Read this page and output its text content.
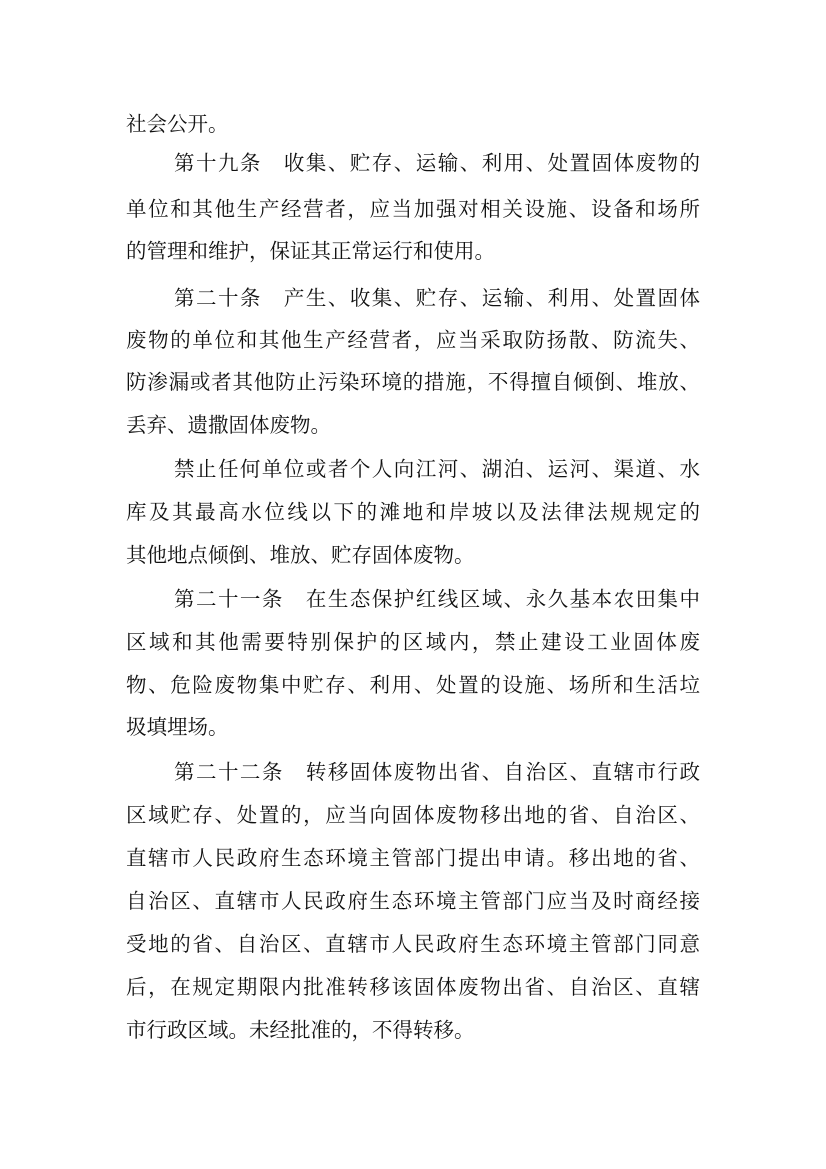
社会公开。
第十九条　收集、贮存、运输、利用、处置固体废物的
单位和其他生产经营者，应当加强对相关设施、设备和场所
的管理和维护，保证其正常运行和使用。
第二十条　产生、收集、贮存、运输、利用、处置固体
废物的单位和其他生产经营者，应当采取防扬散、防流失、
防渗漏或者其他防止污染环境的措施，不得擅自倾倒、堆放、
丢弃、遗撒固体废物。
禁止任何单位或者个人向江河、湖泊、运河、渠道、水
库及其最高水位线以下的滩地和岸坡以及法律法规规定的
其他地点倾倒、堆放、贮存固体废物。
第二十一条　在生态保护红线区域、永久基本农田集中
区域和其他需要特别保护的区域内，禁止建设工业固体废
物、危险废物集中贮存、利用、处置的设施、场所和生活垃
圾填埋场。
第二十二条　转移固体废物出省、自治区、直辖市行政
区域贮存、处置的，应当向固体废物移出地的省、自治区、
直辖市人民政府生态环境主管部门提出申请。移出地的省、
自治区、直辖市人民政府生态环境主管部门应当及时商经接
受地的省、自治区、直辖市人民政府生态环境主管部门同意
后，在规定期限内批准转移该固体废物出省、自治区、直辖
市行政区域。未经批准的，不得转移。
